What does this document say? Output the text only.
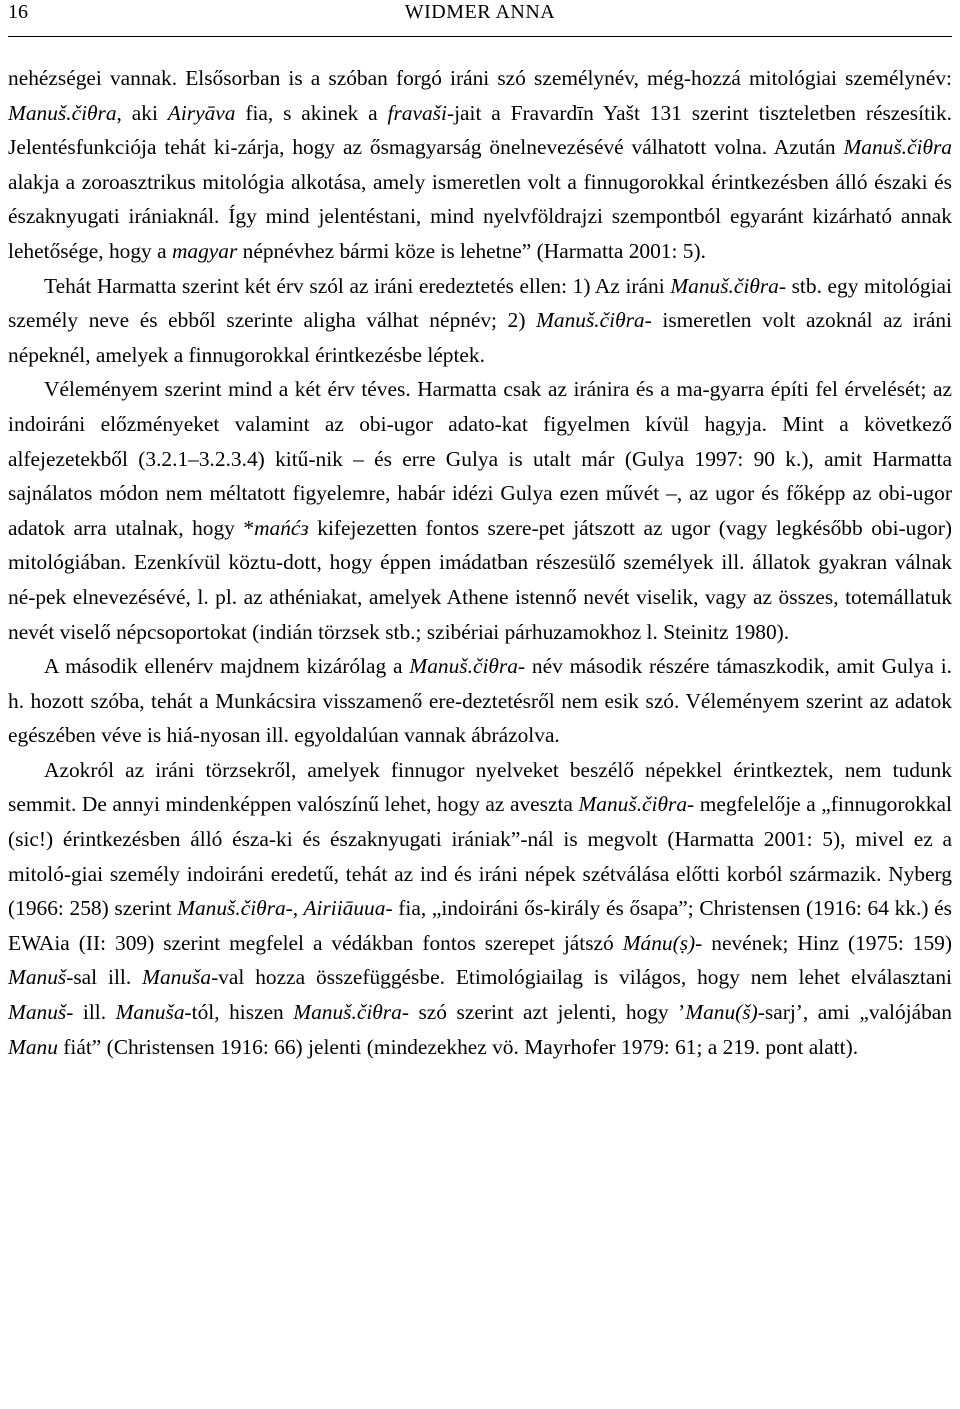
16	WIDMER ANNA

nehézségei vannak. Elsősorban is a szóban forgó iráni szó személynév, még-hozzá mitológiai személynév: Manuš.čiθra, aki Airyāva fia, s akinek a fravaši-jait a Fravardīn Yašt 131 szerint tiszteletben részesítik. Jelentésfunkciója tehát ki-zárja, hogy az ősmagyarság önelnevezésévé válhatott volna. Azután Manuš.čiθra alakja a zoroasztrikus mitológia alkotása, amely ismeretlen volt a finnugorokkal érintkezésben álló északi és északnyugati irániaknál. Így mind jelentéstani, mind nyelvföldrajzi szempontból egyaránt kizárható annak lehetősége, hogy a magyar népnévhez bármi köze is lehetne” (Harmatta 2001: 5).

Tehát Harmatta szerint két érv szól az iráni eredeztetés ellen: 1) Az iráni Manuš.čiθra- stb. egy mitológiai személy neve és ebből szerinte aligha válhat népnév; 2) Manuš.čiθra- ismeretlen volt azoknál az iráni népeknél, amelyek a finnugorokkal érintkezésbe léptek.

Véleményem szerint mind a két érv téves. Harmatta csak az iránira és a ma-gyarra építi fel érvelését; az indoiráni előzményeket valamint az obi-ugor adato-kat figyelmen kívül hagyja. Mint a következő alfejezetekből (3.2.1–3.2.3.4) kitű-nik – és erre Gulya is utalt már (Gulya 1997: 90 k.), amit Harmatta sajnálatos módon nem méltatott figyelemre, habár idézi Gulya ezen művét –, az ugor és főképp az obi-ugor adatok arra utalnak, hogy *mańćз kifejezetten fontos szere-pet játszott az ugor (vagy legkésőbb obi-ugor) mitológiában. Ezenkívül köztu-dott, hogy éppen imádatban részesülő személyek ill. állatok gyakran válnak né-pek elnevezésévé, l. pl. az athéniakat, amelyek Athene istennő nevét viselik, vagy az összes, totemállatuk nevét viselő népcsoportokat (indián törzsek stb.; szibériai párhuzamokhoz l. Steinitz 1980).

A második ellenérv majdnem kizárólag a Manuš.čiθra- név második részére támaszkodik, amit Gulya i. h. hozott szóba, tehát a Munkácsira visszamenő ere-deztetésről nem esik szó. Véleményem szerint az adatok egészében véve is hiá-nyosan ill. egyoldalúan vannak ábrázolva.

Azokról az iráni törzsekről, amelyek finnugor nyelveket beszélő népekkel érintkeztek, nem tudunk semmit. De annyi mindenképpen valószínű lehet, hogy az aveszta Manuš.čiθra- megfelelője a „finnugorokkal (sic!) érintkezésben álló észa-ki és északnyugati irániak”-nál is megvolt (Harmatta 2001: 5), mivel ez a mitoló-giai személy indoiráni eredetű, tehát az ind és iráni népek szétválása előtti korból származik. Nyberg (1966: 258) szerint Manuš.čiθra-, Airiiāuua- fia, „indoiráni ős-király és ősapa”; Christensen (1916: 64 kk.) és EWAia (II: 309) szerint megfelel a védákban fontos szerepet játszó Mánu(ṣ)- nevének; Hinz (1975: 159) Manuš-sal ill. Manuša-val hozza összefüggésbe. Etimológiailag is világos, hogy nem lehet elválasztani Manuš- ill. Manuša-tól, hiszen Manuš.čiθra- szó szerint azt jelenti, hogy ’Manu(š)-sarj’, ami „valójában Manu fiát” (Christensen 1916: 66) jelenti (mindezekhez vö. Mayrhofer 1979: 61; a 219. pont alatt).
